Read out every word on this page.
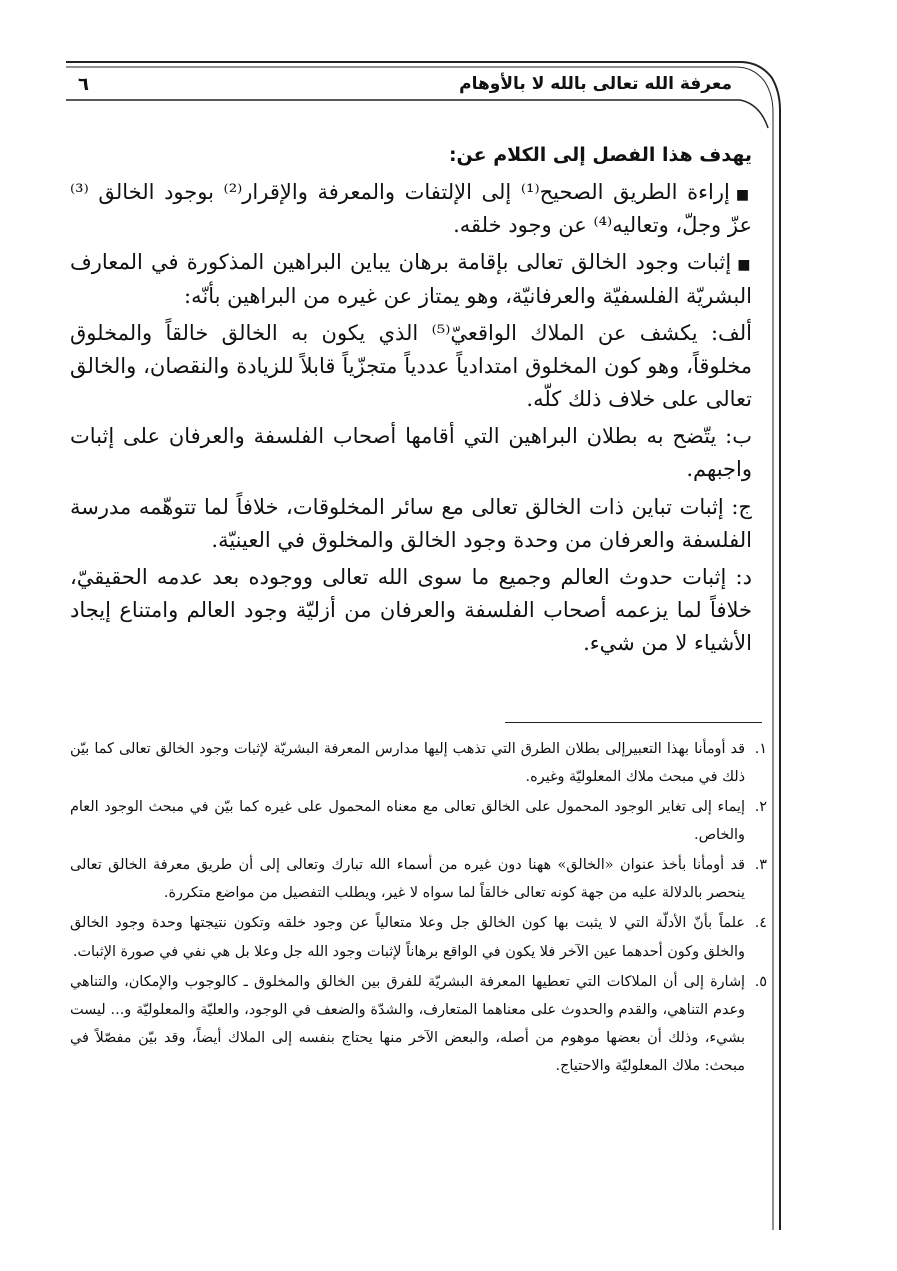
معرفة الله تعالى بالله لا بالأوهام
٦

يهدف هذا الفصل إلى الكلام عن:

■إراءة الطريق الصحيح⁽¹⁾ إلى الإلتفات والمعرفة والإقرار⁽²⁾ بوجود الخالق ⁽³⁾ عزّ وجلّ، وتعاليه⁽⁴⁾ عن وجود خلقه.

■إثبات وجود الخالق تعالى بإقامة برهان يباين البراهين المذكورة في المعارف البشريّة الفلسفيّة والعرفانيّة، وهو يمتاز عن غيره من البراهين بأنّه:

ألف: يكشف عن الملاك الواقعيّ⁽⁵⁾ الذي يكون به الخالق خالقاً والمخلوق مخلوقاً، وهو كون المخلوق امتدادياً عددياً متجزّياً قابلاً للزيادة والنقصان، والخالق تعالى على خلاف ذلك كلّه.

ب: يتّضح به بطلان البراهين التي أقامها أصحاب الفلسفة والعرفان على إثبات واجبهم.

ج: إثبات تباين ذات الخالق تعالى مع سائر المخلوقات، خلافاً لما تتوهّمه مدرسة الفلسفة والعرفان من وحدة وجود الخالق والمخلوق في العينيّة.

د: إثبات حدوث العالم وجميع ما سوى الله تعالى ووجوده بعد عدمه الحقيقيّ، خلافاً لما يزعمه أصحاب الفلسفة والعرفان من أزليّة وجود العالم وامتناع إيجاد الأشياء لا من شيء.

١.
قد أومأنا بهذا التعبيرإلى بطلان الطرق التي تذهب إليها مدارس المعرفة البشريّة لإثبات وجود الخالق تعالى كما بيّن ذلك في مبحث ملاك المعلوليّة وغيره.

٢.
إيماء إلى تغاير الوجود المحمول على الخالق تعالى مع معناه المحمول على غيره كما بيّن في مبحث الوجود العام والخاص.

٣.
قد أومأنا بأخذ عنوان «الخالق» ههنا دون غيره من أسماء الله تبارك وتعالى إلى أن طريق معرفة الخالق تعالى ينحصر بالدلالة عليه من جهة كونه تعالى خالقاً لما سواه لا غير، ويطلب التفصيل من مواضع متكررة.

٤.
علماً بأنّ الأدلّة التي لا يثبت بها كون الخالق جل وعلا متعالياً عن وجود خلقه وتكون نتيجتها وحدة وجود الخالق والخلق وكون أحدهما عين الآخر فلا يكون في الواقع برهاناً لإثبات وجود الله جل وعلا بل هي نفي في صورة الإثبات.

٥.
إشارة إلى أن الملاكات التي تعطيها المعرفة البشريّة للفرق بين الخالق والمخلوق ـ كالوجوب والإمكان، والتناهي وعدم التناهي، والقدم والحدوث على معناهما المتعارف، والشدّة والضعف في الوجود، والعليّة والمعلوليّة و... ليست بشيء، وذلك أن بعضها موهوم من أصله، والبعض الآخر منها يحتاج بنفسه إلى الملاك أيضاً، وقد بيّن مفصّلاً في مبحث: ملاك المعلوليّة والاحتياج.
